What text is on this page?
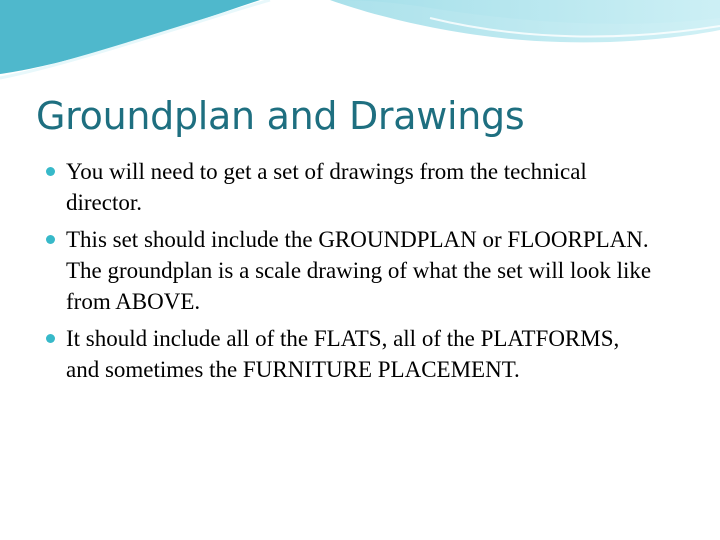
Groundplan and Drawings
You will need to get a set of drawings from the technical director.
This set should include the GROUNDPLAN or FLOORPLAN. The groundplan is a scale drawing of what the set will look like from ABOVE.
It should include all of the FLATS, all of the PLATFORMS, and sometimes the FURNITURE PLACEMENT.
